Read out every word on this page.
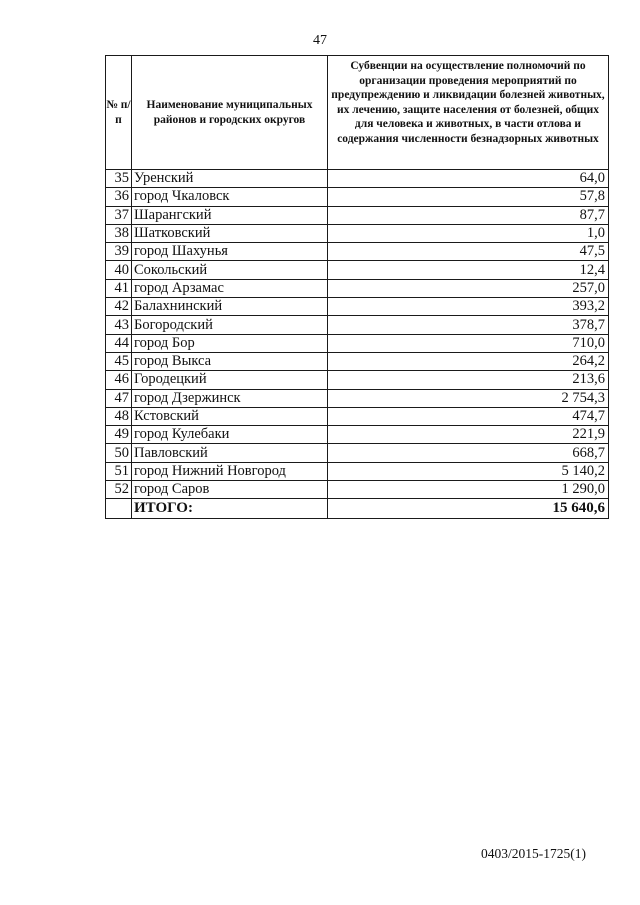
47
№ п/п	Наименование муниципальных районов и городских округов	Субвенции на осуществление полномочий по организации проведения мероприятий по предупреждению и ликвидации болезней животных, их лечению, защите населения от болезней, общих для человека и животных, в части отлова и содержания численности безнадзорных животных
35	Уренский	64,0
36	город Чкаловск	57,8
37	Шарангский	87,7
38	Шатковский	1,0
39	город Шахунья	47,5
40	Сокольский	12,4
41	город Арзамас	257,0
42	Балахнинский	393,2
43	Богородский	378,7
44	город Бор	710,0
45	город Выкса	264,2
46	Городецкий	213,6
47	город Дзержинск	2 754,3
48	Кстовский	474,7
49	город Кулебаки	221,9
50	Павловский	668,7
51	город Нижний Новгород	5 140,2
52	город Саров	1 290,0
	ИТОГО:	15 640,6
0403/2015-1725(1)
